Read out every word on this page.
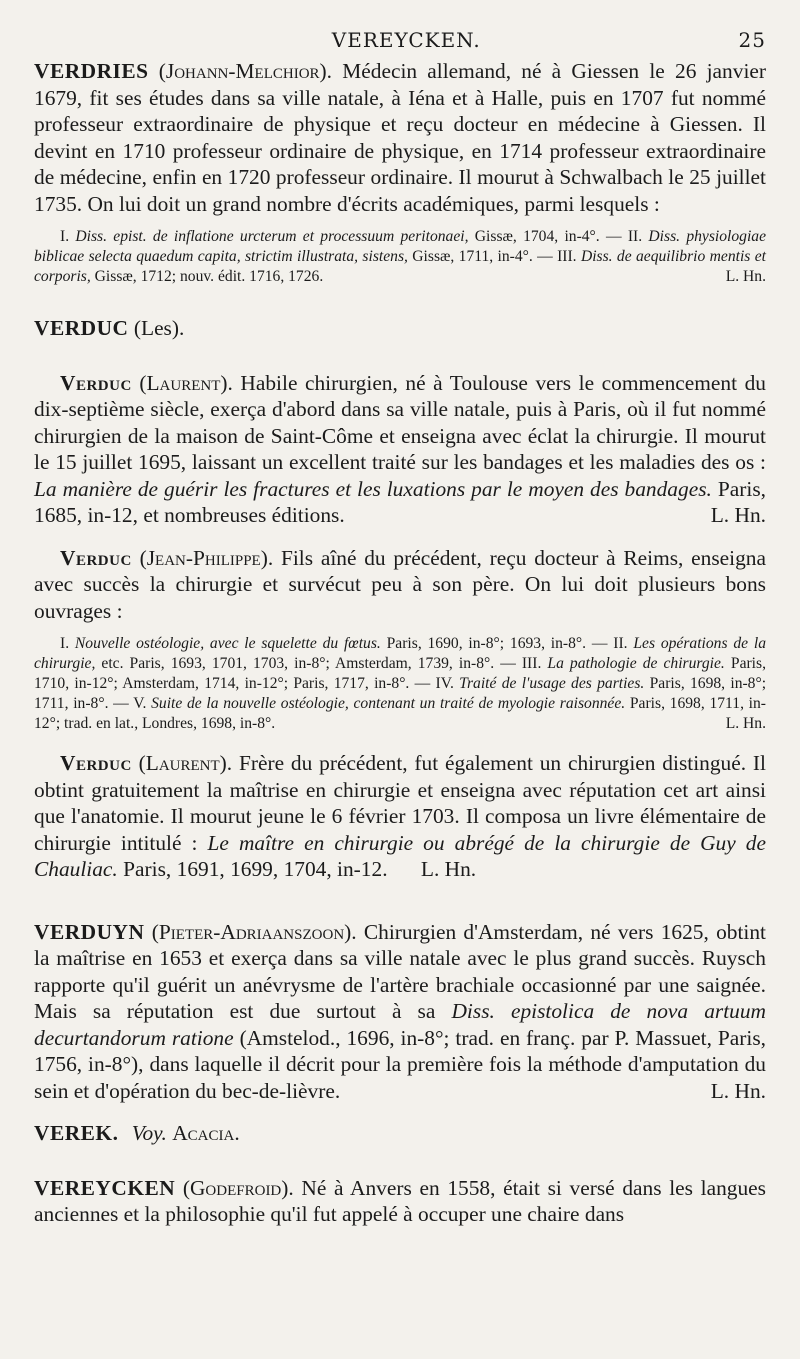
VEREYCKEN.	25

VERDRIES (Johann-Melchior). Médecin allemand, né à Giessen le 26 janvier 1679, fit ses études dans sa ville natale, à Iéna et à Halle, puis en 1707 fut nommé professeur extraordinaire de physique et reçu docteur en médecine à Giessen. Il devint en 1710 professeur ordinaire de physique, en 1714 professeur extraordinaire de médecine, enfin en 1720 professeur ordinaire. Il mourut à Schwalbach le 25 juillet 1735. On lui doit un grand nombre d'écrits académiques, parmi lesquels :

I. Diss. epist. de inflatione urcterum et processuum peritonaei, Gissæ, 1704, in-4°. — II. Diss. physiologiae biblicae selecta quaedum capita, strictim illustrata, sistens, Gissæ, 1711, in-4°. — III. Diss. de aequilibrio mentis et corporis, Gissæ, 1712; nouv. édit. 1716, 1726.	L. Hn.

VERDUC (Les).

Verduc (Laurent). Habile chirurgien, né à Toulouse vers le commencement du dix-septième siècle, exerça d'abord dans sa ville natale, puis à Paris, où il fut nommé chirurgien de la maison de Saint-Côme et enseigna avec éclat la chirurgie. Il mourut le 15 juillet 1695, laissant un excellent traité sur les bandages et les maladies des os : La manière de guérir les fractures et les luxations par le moyen des bandages. Paris, 1685, in-12, et nombreuses éditions.	L. Hn.

Verduc (Jean-Philippe). Fils aîné du précédent, reçu docteur à Reims, enseigna avec succès la chirurgie et survécut peu à son père. On lui doit plusieurs bons ouvrages :

I. Nouvelle ostéologie, avec le squelette du fœtus. Paris, 1690, in-8°; 1693, in-8°. — II. Les opérations de la chirurgie, etc. Paris, 1693, 1701, 1703, in-8°; Amsterdam, 1739, in-8°. — III. La pathologie de chirurgie. Paris, 1710, in-12°; Amsterdam, 1714, in-12°; Paris, 1717, in-8°. — IV. Traité de l'usage des parties. Paris, 1698, in-8°; 1711, in-8°. — V. Suite de la nouvelle ostéologie, contenant un traité de myologie raisonnée. Paris, 1698, 1711, in-12°; trad. en lat., Londres, 1698, in-8°.	L. Hn.

Verduc (Laurent). Frère du précédent, fut également un chirurgien distingué. Il obtint gratuitement la maîtrise en chirurgie et enseigna avec réputation cet art ainsi que l'anatomie. Il mourut jeune le 6 février 1703. Il composa un livre élémentaire de chirurgie intitulé : Le maître en chirurgie ou abrégé de la chirurgie de Guy de Chauliac. Paris, 1691, 1699, 1704, in-12. L. Hn.

VERDUYN (Pieter-Adriaanszoon). Chirurgien d'Amsterdam, né vers 1625, obtint la maîtrise en 1653 et exerça dans sa ville natale avec le plus grand succès. Ruysch rapporte qu'il guérit un anévrysme de l'artère brachiale occasionné par une saignée. Mais sa réputation est due surtout à sa Diss. epistolica de nova artuum decurtandorum ratione (Amstelod., 1696, in-8°; trad. en franç. par P. Massuet, Paris, 1756, in-8°), dans laquelle il décrit pour la première fois la méthode d'amputation du sein et d'opération du bec-de-lièvre.	L. Hn.

VEREK. Voy. Acacia.

VEREYCKEN (Godefroid). Né à Anvers en 1558, était si versé dans les langues anciennes et la philosophie qu'il fut appelé à occuper une chaire dans
